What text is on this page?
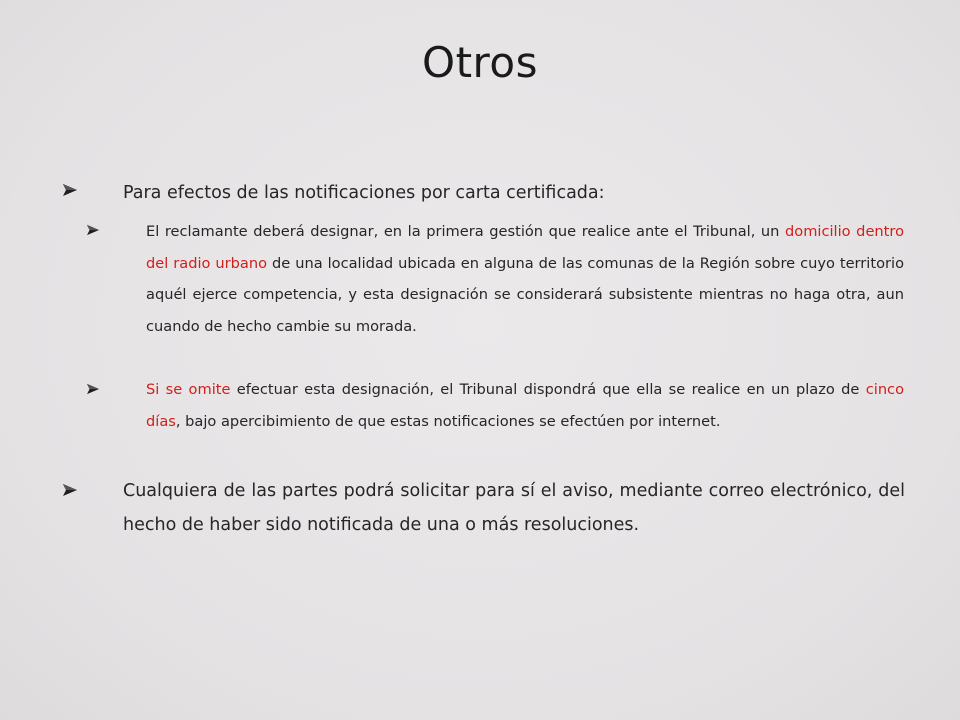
Otros
Para efectos de las notificaciones por carta certificada:
El reclamante deberá designar, en la primera gestión que realice ante el Tribunal, un domicilio dentro del radio urbano de una localidad ubicada en alguna de las comunas de la Región sobre cuyo territorio aquél ejerce competencia, y esta designación se considerará subsistente mientras no haga otra, aun cuando de hecho cambie su morada.
Si se omite efectuar esta designación, el Tribunal dispondrá que ella se realice en un plazo de cinco días, bajo apercibimiento de que estas notificaciones se efectúen por internet.
Cualquiera de las partes podrá solicitar para sí el aviso, mediante correo electrónico, del hecho de haber sido notificada de una o más resoluciones.
